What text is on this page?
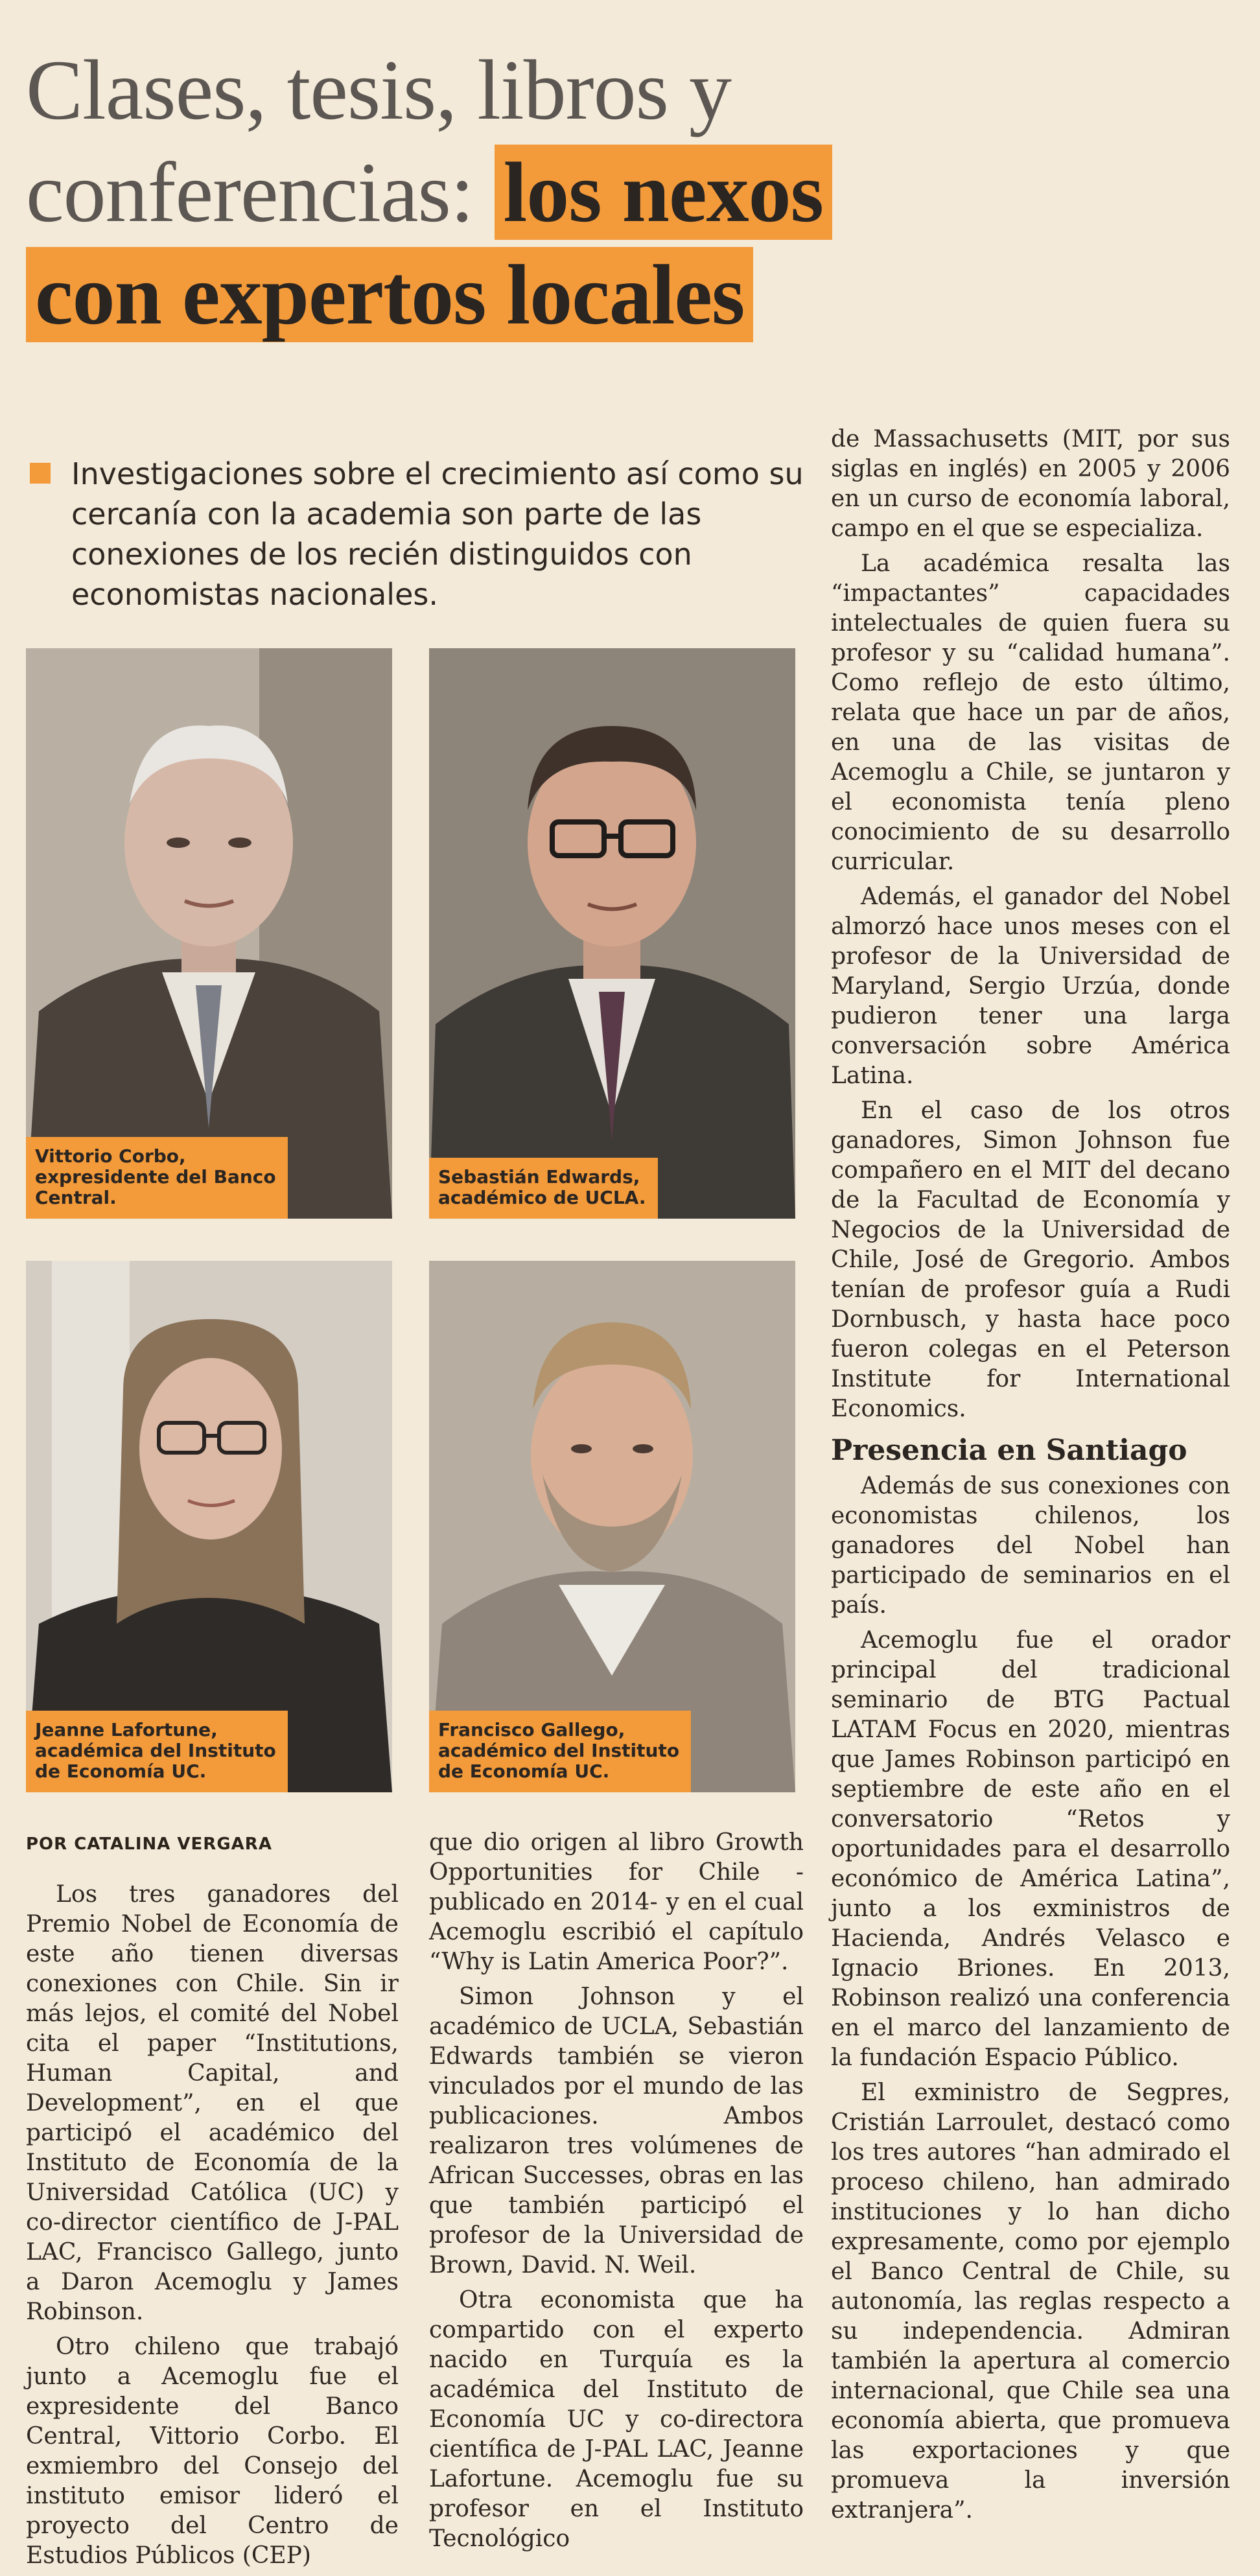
Clases, tesis, libros y conferencias: los nexos
con expertos locales
Investigaciones sobre el crecimiento así como su cercanía con la academia son parte de las conexiones de los recién distinguidos con economistas nacionales.
Vittorio Corbo,
expresidente del Banco
Central.
Sebastián Edwards,
académico de UCLA.
Jeanne Lafortune,
académica del Instituto
de Economía UC.
Francisco Gallego,
académico del Instituto
de Economía UC.
POR CATALINA VERGARA

Los tres ganadores del Premio Nobel de Economía de este año tienen diversas conexiones con Chile. Sin ir más lejos, el comité del Nobel cita el paper “Institutions, Human Capital, and Development”, en el que participó el académico del Instituto de Economía de la Universidad Católica (UC) y co-director científico de J-PAL LAC, Francisco Gallego, junto a Daron Acemoglu y James Robinson.

Otro chileno que trabajó junto a Acemoglu fue el expresidente del Banco Central, Vittorio Corbo. El exmiembro del Consejo del instituto emisor lideró el proyecto del Centro de Estudios Públicos (CEP)

que dio origen al libro Growth Opportunities for Chile -publicado en 2014- y en el cual Acemoglu escribió el capítulo “Why is Latin America Poor?”.

Simon Johnson y el académico de UCLA, Sebastián Edwards también se vieron vinculados por el mundo de las publicaciones. Ambos realizaron tres volúmenes de African Successes, obras en las que también participó el profesor de la Universidad de Brown, David. N. Weil.

Otra economista que ha compartido con el experto nacido en Turquía es la académica del Instituto de Economía UC y co-directora científica de J-PAL LAC, Jeanne Lafortune. Acemoglu fue su profesor en el Instituto Tecnológico

de Massachusetts (MIT, por sus siglas en inglés) en 2005 y 2006 en un curso de economía laboral, campo en el que se especializa.

La académica resalta las “impactantes” capacidades intelectuales de quien fuera su profesor y su “calidad humana”. Como reflejo de esto último, relata que hace un par de años, en una de las visitas de Acemoglu a Chile, se juntaron y el economista tenía pleno conocimiento de su desarrollo curricular.

Además, el ganador del Nobel almorzó hace unos meses con el profesor de la Universidad de Maryland, Sergio Urzúa, donde pudieron tener una larga conversación sobre América Latina.

En el caso de los otros ganadores, Simon Johnson fue compañero en el MIT del decano de la Facultad de Economía y Negocios de la Universidad de Chile, José de Gregorio. Ambos tenían de profesor guía a Rudi Dornbusch, y hasta hace poco fueron colegas en el Peterson Institute for International Economics.

Presencia en Santiago

Además de sus conexiones con economistas chilenos, los ganadores del Nobel han participado de seminarios en el país.

Acemoglu fue el orador principal del tradicional seminario de BTG Pactual LATAM Focus en 2020, mientras que James Robinson participó en septiembre de este año en el conversatorio “Retos y oportunidades para el desarrollo económico de América Latina”, junto a los exministros de Hacienda, Andrés Velasco e Ignacio Briones. En 2013, Robinson realizó una conferencia en el marco del lanzamiento de la fundación Espacio Público.

El exministro de Segpres, Cristián Larroulet, destacó como los tres autores “han admirado el proceso chileno, han admirado instituciones y lo han dicho expresamente, como por ejemplo el Banco Central de Chile, su autonomía, las reglas respecto a su independencia. Admiran también la apertura al comercio internacional, que Chile sea una economía abierta, que promueva las exportaciones y que promueva la inversión extranjera”.
